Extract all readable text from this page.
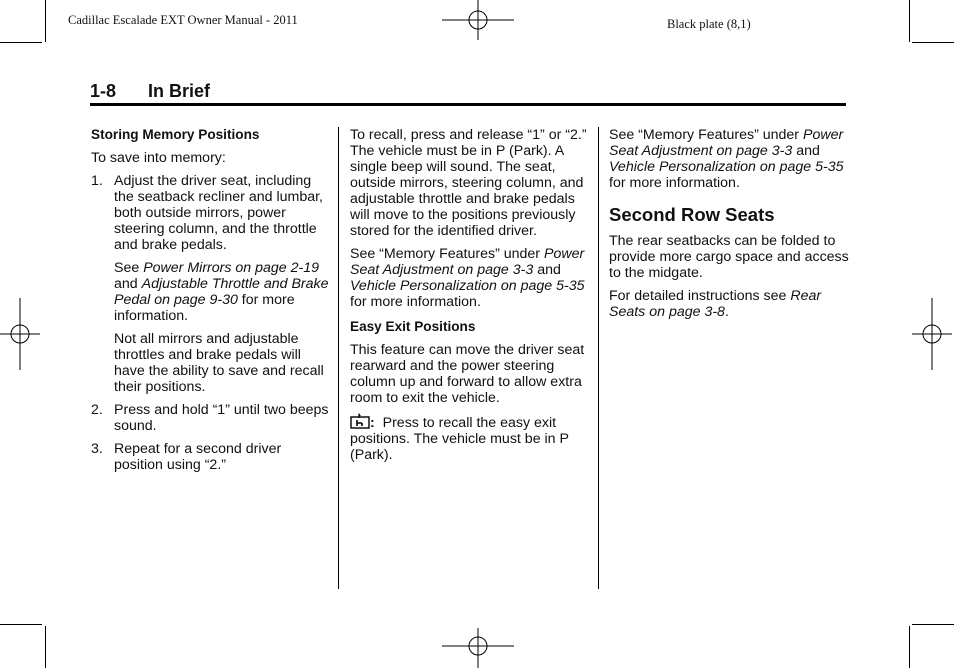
Cadillac Escalade EXT Owner Manual - 2011	Black plate (8,1)
1-8 In Brief

Storing Memory Positions

To save into memory:

1. Adjust the driver seat, including the seatback recliner and lumbar, both outside mirrors, power steering column, and the throttle and brake pedals.

See Power Mirrors on page 2-19 and Adjustable Throttle and Brake Pedal on page 9-30 for more information.

Not all mirrors and adjustable throttles and brake pedals will have the ability to save and recall their positions.

2. Press and hold “1” until two beeps sound.
3. Repeat for a second driver position using “2.”

To recall, press and release “1” or “2.” The vehicle must be in P (Park). A single beep will sound. The seat, outside mirrors, steering column, and adjustable throttle and brake pedals will move to the positions previously stored for the identified driver.

See “Memory Features” under Power Seat Adjustment on page 3-3 and Vehicle Personalization on page 5-35 for more information.

Easy Exit Positions

This feature can move the driver seat rearward and the power steering column up and forward to allow extra room to exit the vehicle.

:  Press to recall the easy exit positions. The vehicle must be in P (Park).

See “Memory Features” under Power Seat Adjustment on page 3-3 and Vehicle Personalization on page 5-35 for more information.

Second Row Seats

The rear seatbacks can be folded to provide more cargo space and access to the midgate.

For detailed instructions see Rear Seats on page 3-8.
